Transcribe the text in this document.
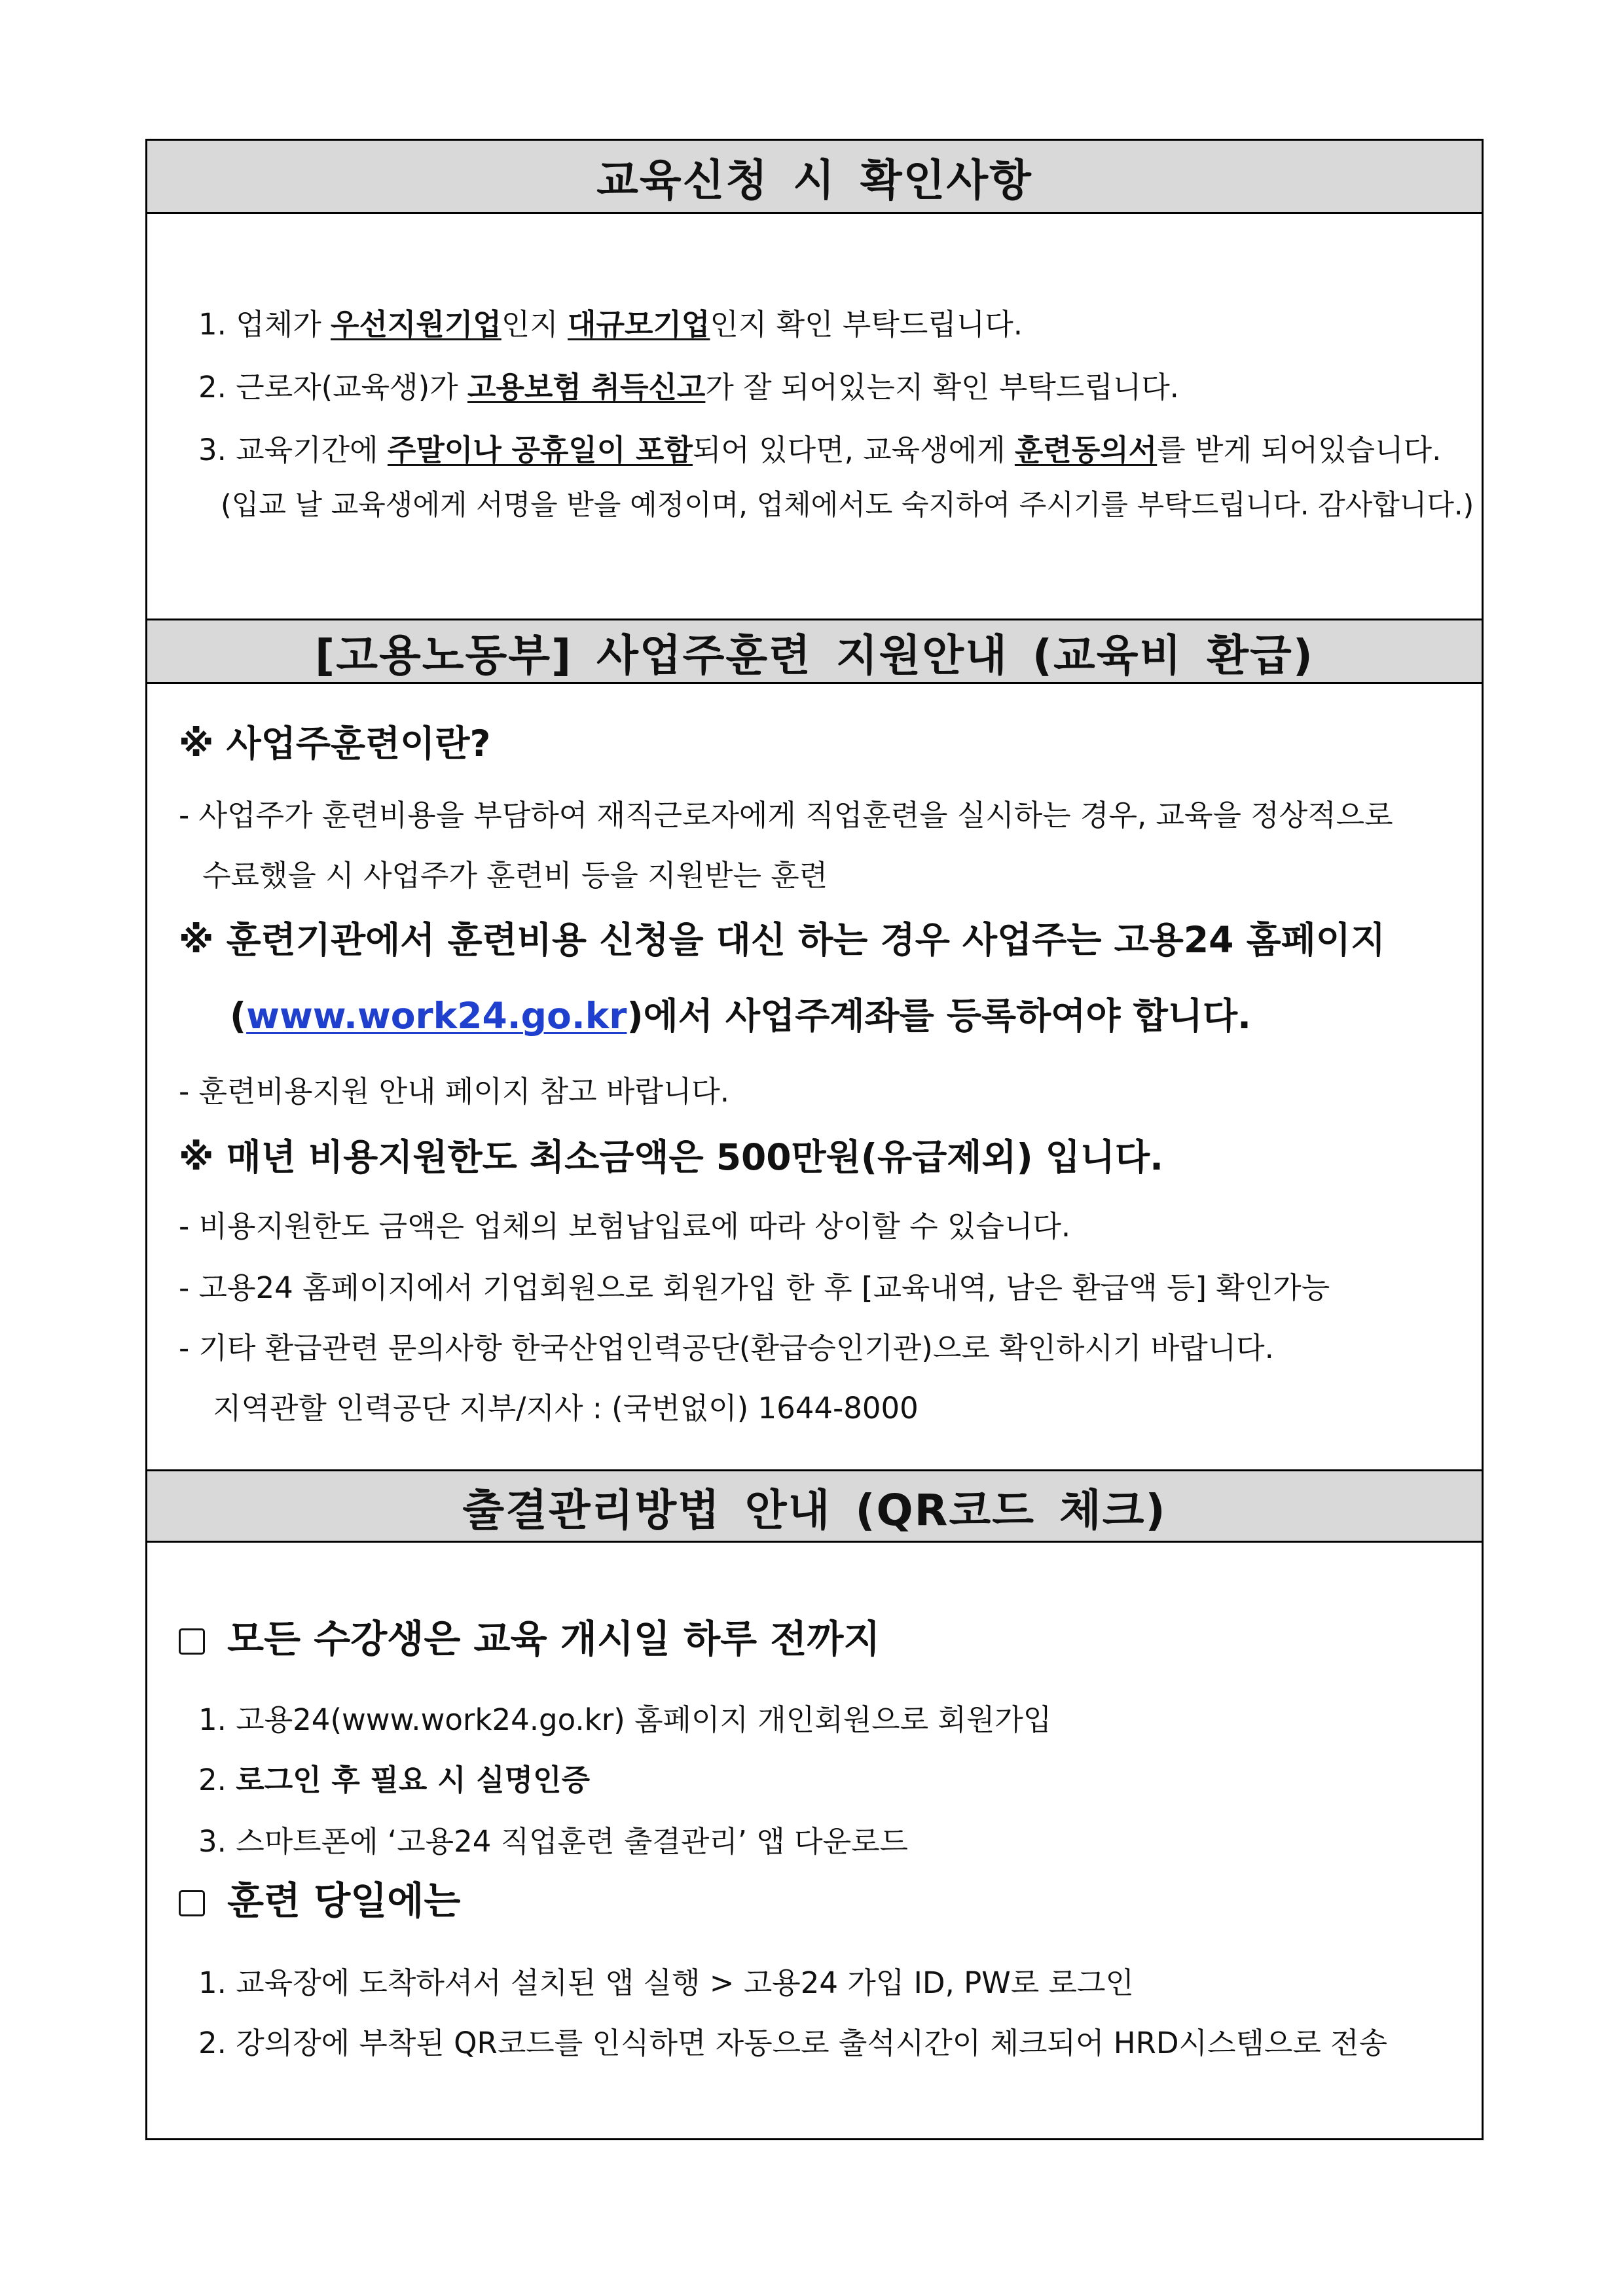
교육신청 시 확인사항
1. 업체가 우선지원기업인지 대규모기업인지 확인 부탁드립니다.
2. 근로자(교육생)가 고용보험 취득신고가 잘 되어있는지 확인 부탁드립니다.
3. 교육기간에 주말이나 공휴일이 포함되어 있다면, 교육생에게 훈련동의서를 받게 되어있습니다.
(입교 날 교육생에게 서명을 받을 예정이며, 업체에서도 숙지하여 주시기를 부탁드립니다. 감사합니다.)
[고용노동부] 사업주훈련 지원안내 (교육비 환급)
※ 사업주훈련이란?
- 사업주가 훈련비용을 부담하여 재직근로자에게 직업훈련을 실시하는 경우, 교육을 정상적으로
수료했을 시 사업주가 훈련비 등을 지원받는 훈련
※ 훈련기관에서 훈련비용 신청을 대신 하는 경우 사업주는 고용24 홈페이지
(www.work24.go.kr)에서 사업주계좌를 등록하여야 합니다.
- 훈련비용지원 안내 페이지 참고 바랍니다.
※ 매년 비용지원한도 최소금액은 500만원(유급제외) 입니다.
- 비용지원한도 금액은 업체의 보험납입료에 따라 상이할 수 있습니다.
- 고용24 홈페이지에서 기업회원으로 회원가입 한 후 [교육내역, 남은 환급액 등] 확인가능
- 기타 환급관련 문의사항 한국산업인력공단(환급승인기관)으로 확인하시기 바랍니다.
지역관할 인력공단 지부/지사 : (국번없이) 1644-8000
출결관리방법 안내 (QR코드 체크)
모든 수강생은 교육 개시일 하루 전까지
1. 고용24(www.work24.go.kr) 홈페이지 개인회원으로 회원가입
2. 로그인 후 필요 시 실명인증
3. 스마트폰에 ‘고용24 직업훈련 출결관리’ 앱 다운로드
훈련 당일에는
1. 교육장에 도착하셔서 설치된 앱 실행 > 고용24 가입 ID, PW로 로그인
2. 강의장에 부착된 QR코드를 인식하면 자동으로 출석시간이 체크되어 HRD시스템으로 전송
